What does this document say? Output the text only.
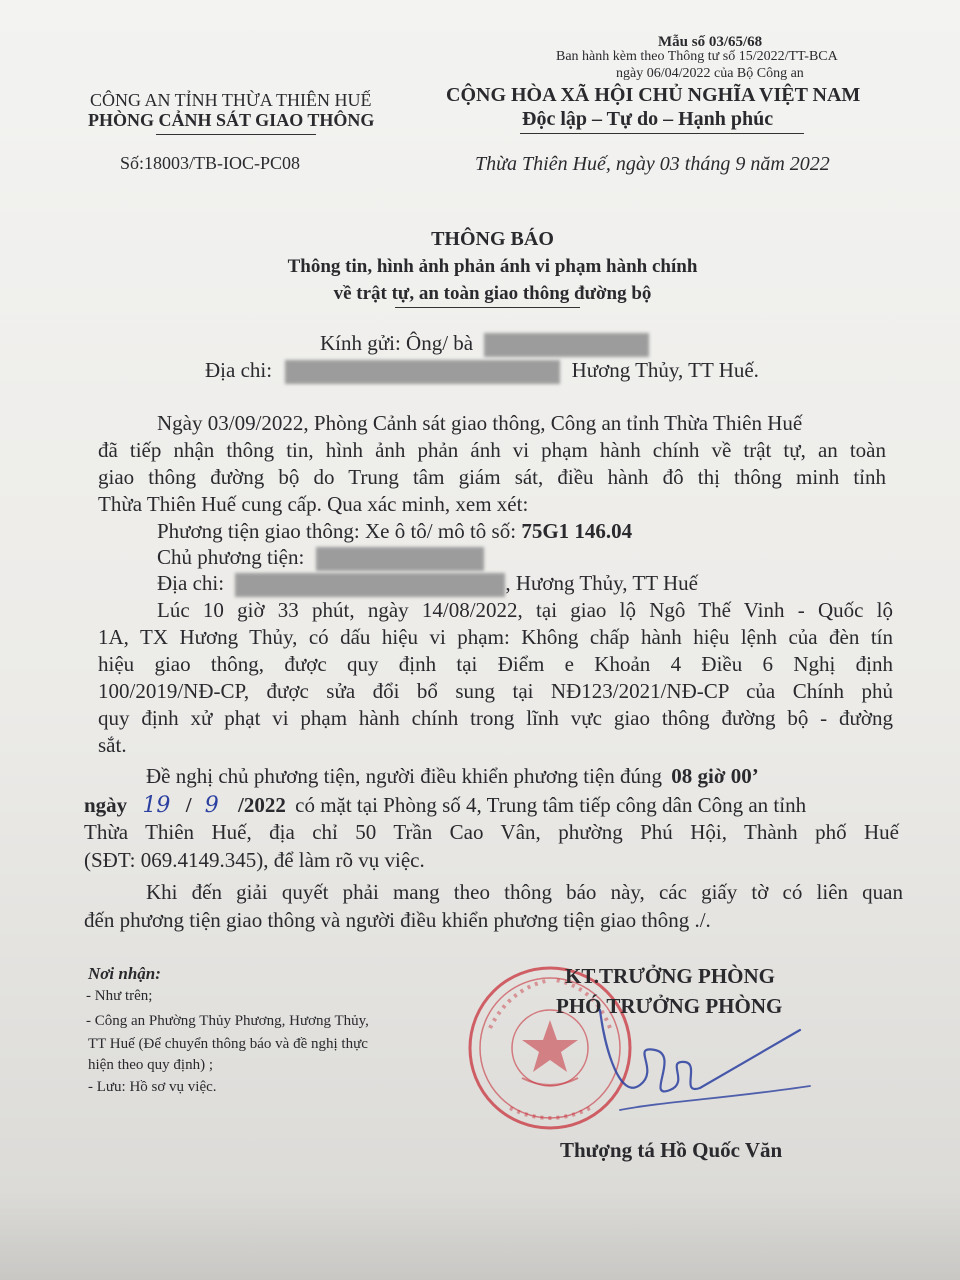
Mẫu số 03/65/68
Ban hành kèm theo Thông tư số 15/2022/TT-BCA
ngày 06/04/2022 của Bộ Công an
CÔNG AN TỈNH THỪA THIÊN HUẾ
PHÒNG CẢNH SÁT GIAO THÔNG
Số:18003/TB-IOC-PC08
CỘNG HÒA XÃ HỘI CHỦ NGHĨA VIỆT NAM
Độc lập – Tự do – Hạnh phúc
Thừa Thiên Huế, ngày 03 tháng 9 năm 2022
THÔNG BÁO
Thông tin, hình ảnh phản ánh vi phạm hành chính
về trật tự, an toàn giao thông đường bộ
Kính gửi: Ông/ bà
Địa chi:	Hương Thủy, TT Huế.
Ngày 03/09/2022, Phòng Cảnh sát giao thông, Công an tỉnh Thừa Thiên Huế
đã tiếp nhận thông tin, hình ảnh phản ánh vi phạm hành chính về trật tự, an toàn
giao thông đường bộ do Trung tâm giám sát, điều hành đô thị thông minh tỉnh
Thừa Thiên Huế cung cấp. Qua xác minh, xem xét:
Phương tiện giao thông: Xe ô tô/ mô tô số: 75G1 146.04
Chủ phương tiện:
Địa chi:	, Hương Thủy, TT Huế
Lúc 10 giờ 33 phút, ngày 14/08/2022, tại giao lộ Ngô Thế Vinh - Quốc lộ
1A, TX Hương Thủy, có dấu hiệu vi phạm: Không chấp hành hiệu lệnh của đèn tín
hiệu giao thông, được quy định tại Điểm e Khoản 4 Điều 6 Nghị định
100/2019/NĐ-CP, được sửa đổi bổ sung tại NĐ123/2021/NĐ-CP của Chính phủ
quy định xử phạt vi phạm hành chính trong lĩnh vực giao thông đường bộ - đường
sắt.
Đề nghị chủ phương tiện, người điều khiển phương tiện đúng 08 giờ 00’
ngày 19 / 9 /2022 có mặt tại Phòng số 4, Trung tâm tiếp công dân Công an tỉnh
Thừa Thiên Huế, địa chỉ 50 Trần Cao Vân, phường Phú Hội, Thành phố Huế
(SĐT: 069.4149.345), để làm rõ vụ việc.
Khi đến giải quyết phải mang theo thông báo này, các giấy tờ có liên quan
đến phương tiện giao thông và người điều khiển phương tiện giao thông ./.
Nơi nhận:
- Như trên;
- Công an Phường Thủy Phương, Hương Thủy,
TT Huế (Để chuyển thông báo và đề nghị thực
hiện theo quy định) ;
- Lưu: Hồ sơ vụ việc.
KT.TRƯỞNG PHÒNG
PHÓ TRƯỞNG PHÒNG
Thượng tá Hồ Quốc Văn
